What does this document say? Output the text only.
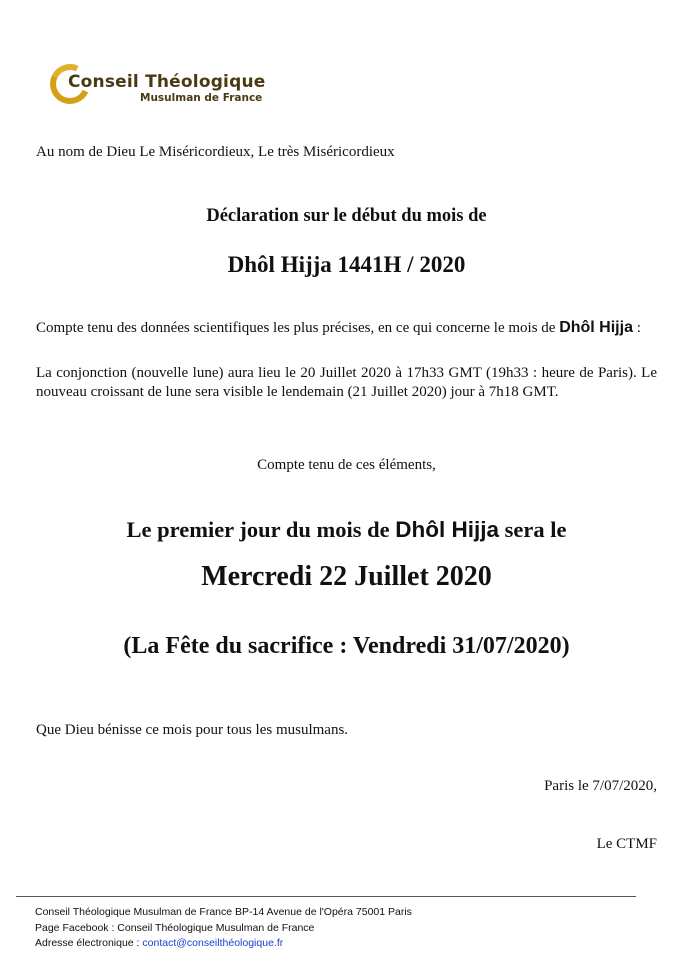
Conseil Théologique
Musulman de France
Au nom de Dieu Le Miséricordieux, Le très Miséricordieux
Déclaration sur le début du mois de
Dhôl Hijja 1441H / 2020
Compte tenu des données scientifiques les plus précises, en ce qui concerne le mois de Dhôl Hijja :
La conjonction (nouvelle lune) aura lieu le 20 Juillet 2020 à 17h33 GMT (19h33 : heure de Paris). Le nouveau croissant de lune sera visible le lendemain (21 Juillet 2020) jour à 7h18 GMT.
Compte tenu de ces éléments,
Le premier jour du mois de Dhôl Hijja sera le
Mercredi 22 Juillet 2020
(La Fête du sacrifice : Vendredi 31/07/2020)
Que Dieu bénisse ce mois pour tous les musulmans.
Paris le 7/07/2020,
Le CTMF
Conseil Théologique Musulman de France BP-14 Avenue de l'Opéra 75001 Paris
Page Facebook : Conseil Théologique Musulman de France
Adresse électronique : contact@conseilthéologique.fr
